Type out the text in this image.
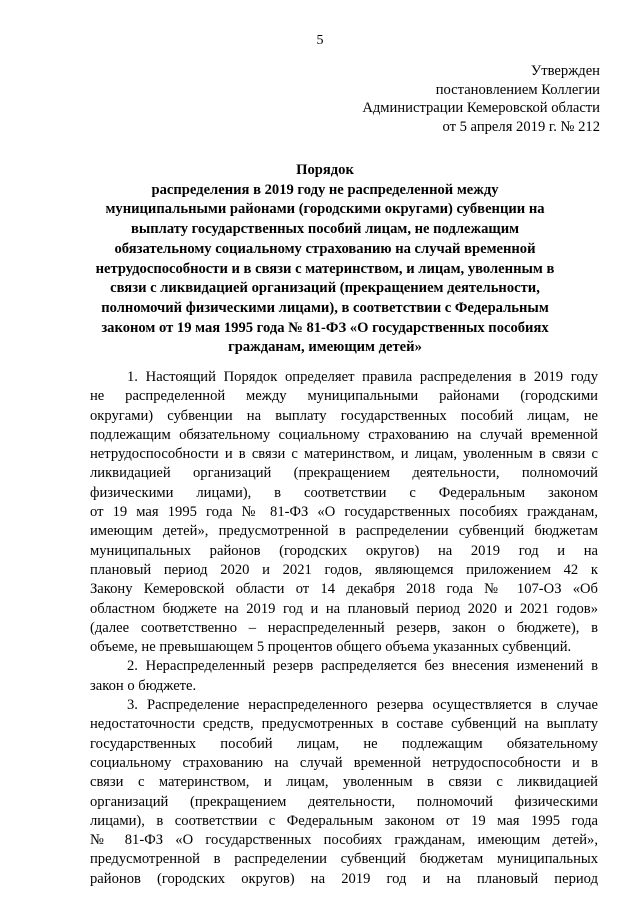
5
Утвержден
постановлением Коллегии
Администрации Кемеровской области
от 5 апреля 2019 г. № 212
Порядок
распределения в 2019 году не распределенной между
муниципальными районами (городскими округами) субвенции на
выплату государственных пособий лицам, не подлежащим
обязательному социальному страхованию на случай временной
нетрудоспособности и в связи с материнством, и лицам, уволенным в
связи с ликвидацией организаций (прекращением деятельности,
полномочий физическими лицами), в соответствии с Федеральным
законом от 19 мая 1995 года № 81-ФЗ «О государственных пособиях
гражданам, имеющим детей»
1. Настоящий Порядок определяет правила распределения в 2019 году
не распределенной между муниципальными районами (городскими
округами) субвенции на выплату государственных пособий лицам, не
подлежащим обязательному социальному страхованию на случай временной
нетрудоспособности и в связи с материнством, и лицам, уволенным в связи с
ликвидацией организаций (прекращением деятельности, полномочий
физическими лицами), в соответствии с Федеральным законом
от 19 мая 1995 года № 81-ФЗ «О государственных пособиях гражданам,
имеющим детей», предусмотренной в распределении субвенций бюджетам
муниципальных районов (городских округов) на 2019 год и на
плановый период 2020 и 2021 годов, являющемся приложением 42 к
Закону Кемеровской области от 14 декабря 2018 года № 107-ОЗ «Об
областном бюджете на 2019 год и на плановый период 2020 и 2021 годов»
(далее соответственно – нераспределенный резерв, закон о бюджете), в
объеме, не превышающем 5 процентов общего объема указанных субвенций.
2. Нераспределенный резерв распределяется без внесения изменений в
закон о бюджете.
3. Распределение нераспределенного резерва осуществляется в случае
недостаточности средств, предусмотренных в составе субвенций на выплату
государственных пособий лицам, не подлежащим обязательному
социальному страхованию на случай временной нетрудоспособности и в
связи с материнством, и лицам, уволенным в связи с ликвидацией
организаций (прекращением деятельности, полномочий физическими
лицами), в соответствии с Федеральным законом от 19 мая 1995 года
№ 81-ФЗ «О государственных пособиях гражданам, имеющим детей»,
предусмотренной в распределении субвенций бюджетам муниципальных
районов (городских округов) на 2019 год и на плановый период
